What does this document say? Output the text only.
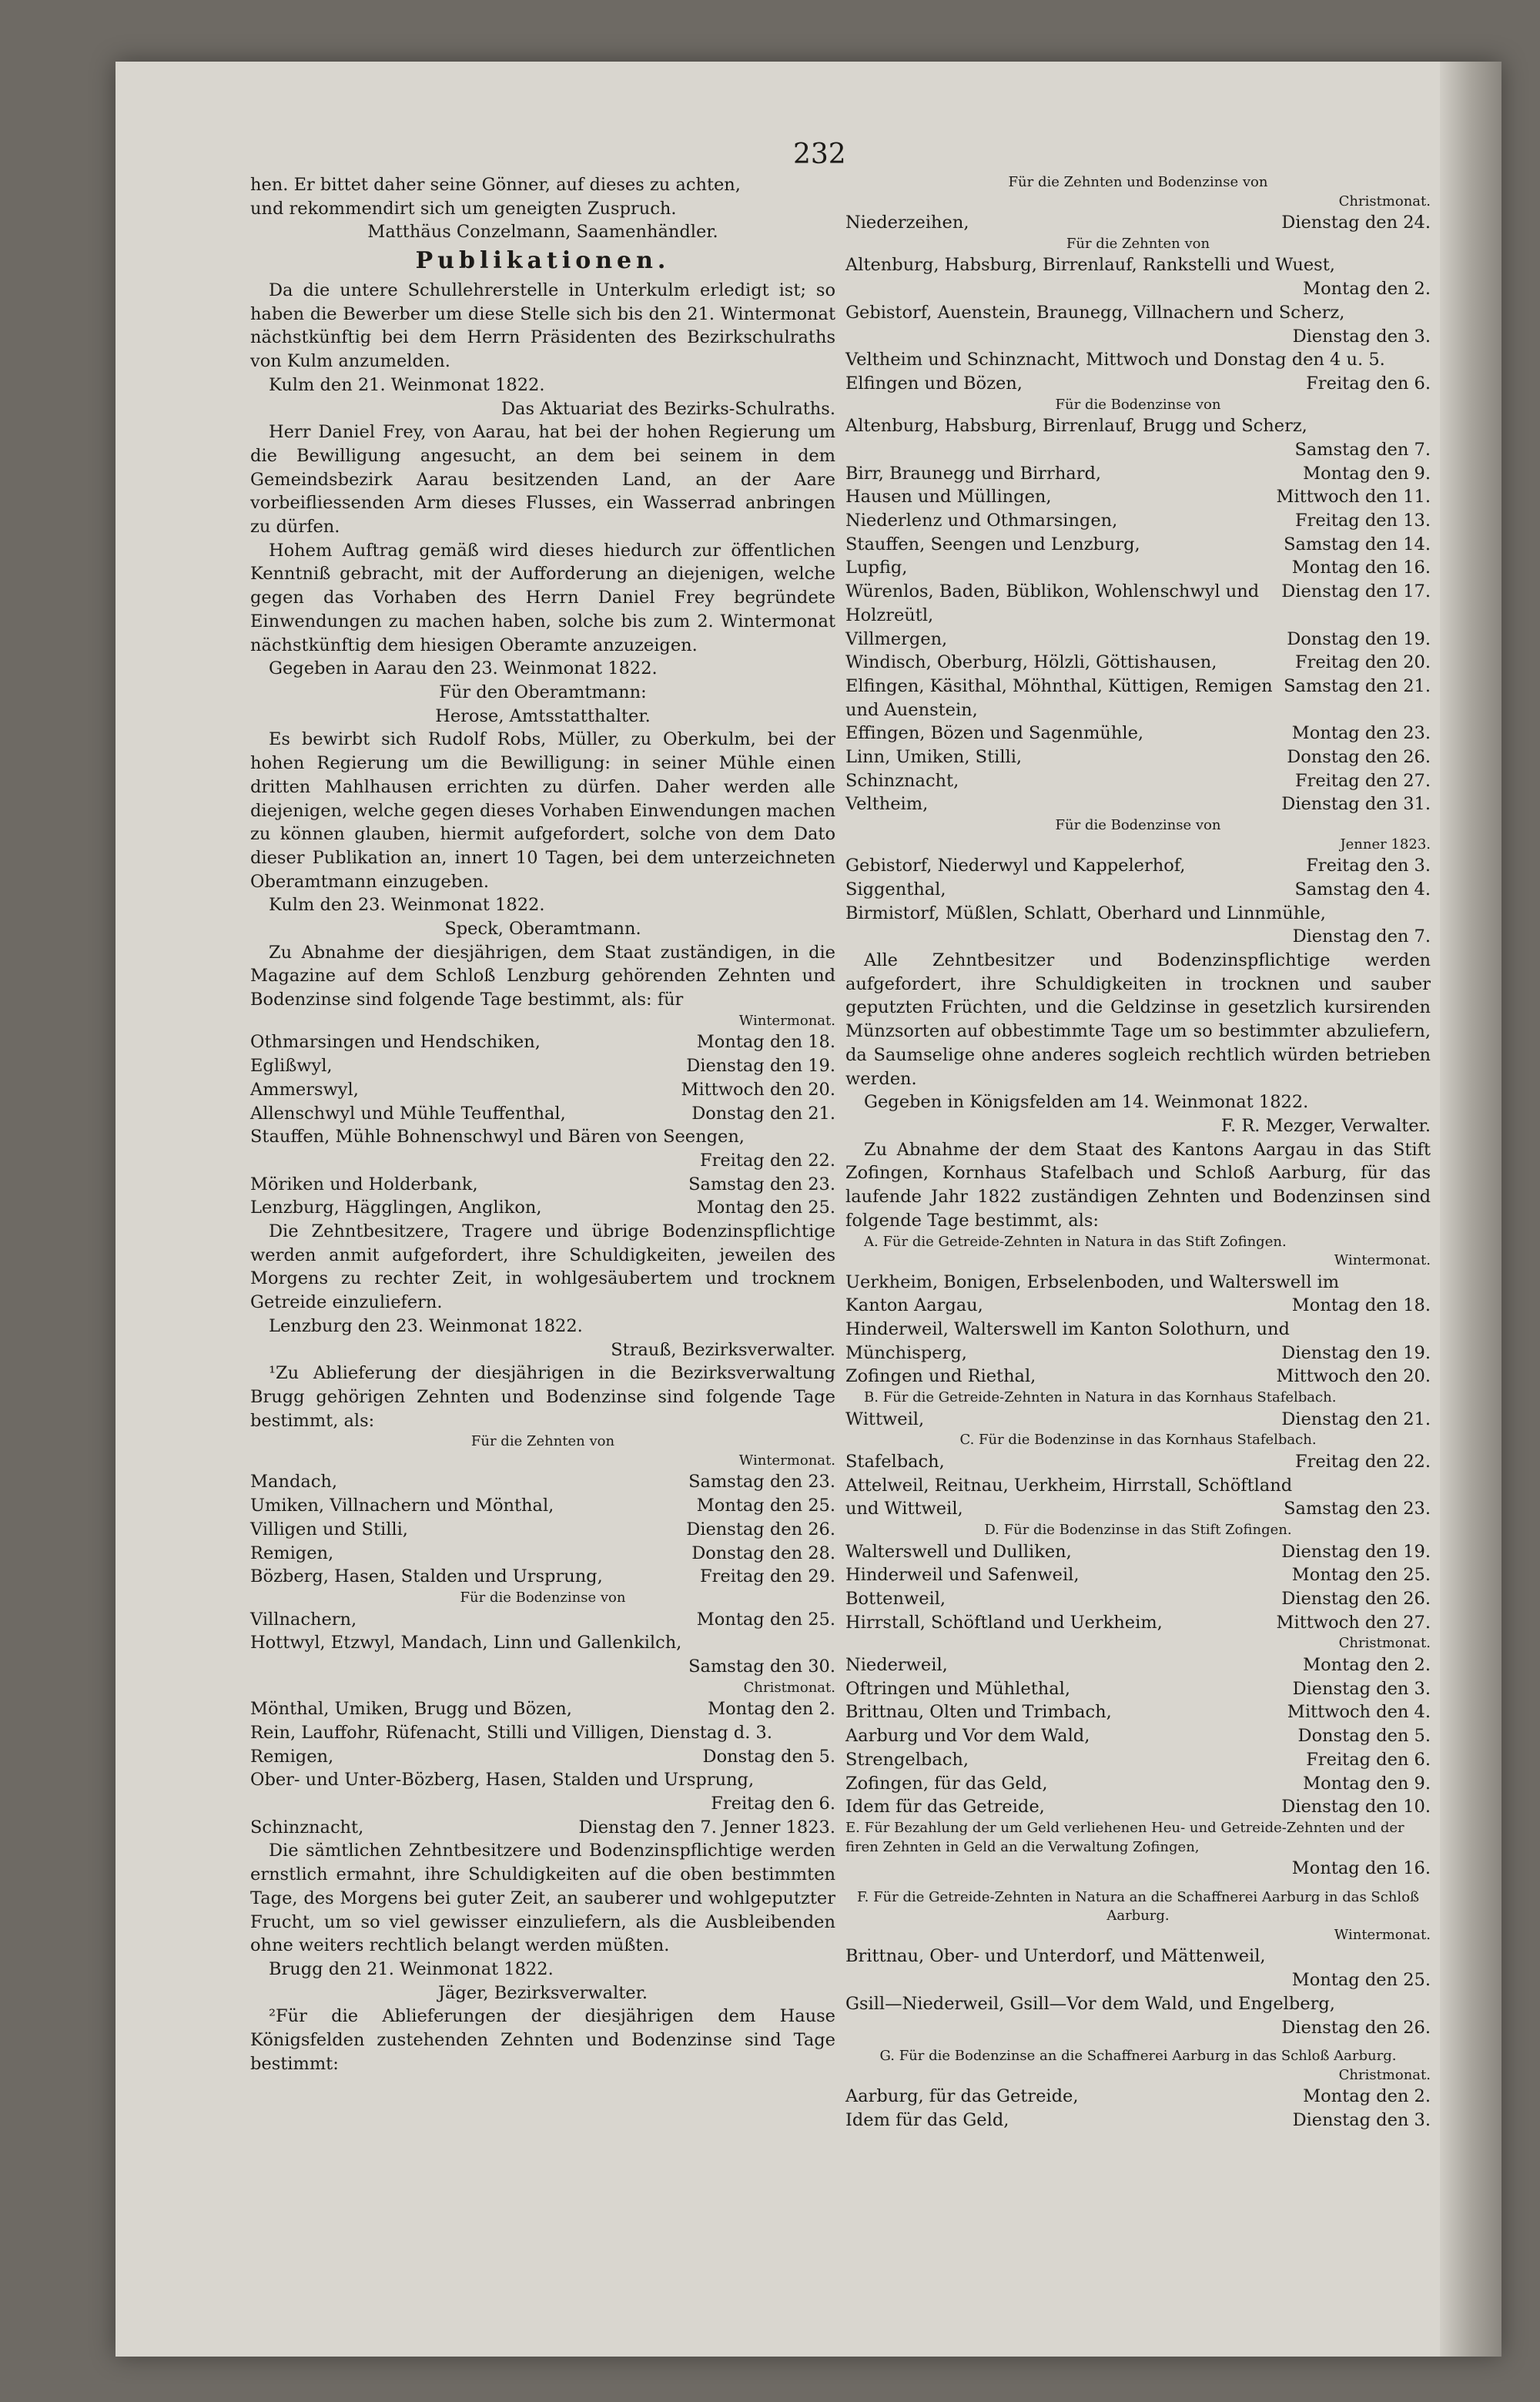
232

hen. Er bittet daher seine Gönner, auf dieses zu achten,

und rekommendirt sich um geneigten Zuspruch.

Matthäus Conzelmann, Saamenhändler.

Publikationen.

Da die untere Schullehrerstelle in Unterkulm erledigt ist; so haben die Bewerber um diese Stelle sich bis den 21. Wintermonat nächstkünftig bei dem Herrn Präsidenten des Bezirkschulraths von Kulm anzumelden.

Kulm den 21. Weinmonat 1822.

Das Aktuariat des Bezirks-Schulraths.

Herr Daniel Frey, von Aarau, hat bei der hohen Regierung um die Bewilligung angesucht, an dem bei seinem in dem Gemeindsbezirk Aarau besitzenden Land, an der Aare vorbeifliessenden Arm dieses Flusses, ein Wasserrad anbringen zu dürfen.

Hohem Auftrag gemäß wird dieses hiedurch zur öffentlichen Kenntniß gebracht, mit der Aufforderung an diejenigen, welche gegen das Vorhaben des Herrn Daniel Frey begründete Einwendungen zu machen haben, solche bis zum 2. Wintermonat nächstkünftig dem hiesigen Oberamte anzuzeigen.

Gegeben in Aarau den 23. Weinmonat 1822.

Für den Oberamtmann:

Herose, Amtsstatthalter.

Es bewirbt sich Rudolf Robs, Müller, zu Oberkulm, bei der hohen Regierung um die Bewilligung: in seiner Mühle einen dritten Mahlhausen errichten zu dürfen. Daher werden alle diejenigen, welche gegen dieses Vorhaben Einwendungen machen zu können glauben, hiermit aufgefordert, solche von dem Dato dieser Publikation an, innert 10 Tagen, bei dem unterzeichneten Oberamtmann einzugeben.

Kulm den 23. Weinmonat 1822.

Speck, Oberamtmann.

Zu Abnahme der diesjährigen, dem Staat zuständigen, in die Magazine auf dem Schloß Lenzburg gehörenden Zehnten und Bodenzinse sind folgende Tage bestimmt, als: für

Wintermonat.

Othmarsingen und Hendschiken,	Montag den 18.
Eglißwyl,	Dienstag den 19.
Ammerswyl,	Mittwoch den 20.
Allenschwyl und Mühle Teuffenthal,	Donstag den 21.
Stauffen, Mühle Bohnenschwyl und Bären von Seengen,
Freitag den 22.
Möriken und Holderbank,	Samstag den 23.
Lenzburg, Hägglingen, Anglikon,	Montag den 25.

Die Zehntbesitzere, Tragere und übrige Bodenzinspflichtige werden anmit aufgefordert, ihre Schuldigkeiten, jeweilen des Morgens zu rechter Zeit, in wohlgesäubertem und trocknem Getreide einzuliefern.

Lenzburg den 23. Weinmonat 1822.

Strauß, Bezirksverwalter.

¹Zu Ablieferung der diesjährigen in die Bezirksverwaltung Brugg gehörigen Zehnten und Bodenzinse sind folgende Tage bestimmt, als:

Für die Zehnten von

Wintermonat.

Mandach,	Samstag den 23.
Umiken, Villnachern und Mönthal,	Montag den 25.
Villigen und Stilli,	Dienstag den 26.
Remigen,	Donstag den 28.
Bözberg, Hasen, Stalden und Ursprung,	Freitag den 29.

Für die Bodenzinse von

Villnachern,	Montag den 25.
Hottwyl, Etzwyl, Mandach, Linn und Gallenkilch,
Samstag den 30.

Christmonat.

Mönthal, Umiken, Brugg und Bözen,	Montag den 2.
Rein, Lauffohr, Rüfenacht, Stilli und Villigen, Dienstag d. 3.
Remigen,	Donstag den 5.
Ober- und Unter-Bözberg, Hasen, Stalden und Ursprung,
Freitag den 6.
Schinznacht,	Dienstag den 7. Jenner 1823.

Die sämtlichen Zehntbesitzere und Bodenzinspflichtige werden ernstlich ermahnt, ihre Schuldigkeiten auf die oben bestimmten Tage, des Morgens bei guter Zeit, an sauberer und wohlgeputzter Frucht, um so viel gewisser einzuliefern, als die Ausbleibenden ohne weiters rechtlich belangt werden müßten.

Brugg den 21. Weinmonat 1822.

Jäger, Bezirksverwalter.

²Für die Ablieferungen der diesjährigen dem Hause Königsfelden zustehenden Zehnten und Bodenzinse sind Tage bestimmt:

Für die Zehnten und Bodenzinse von

Christmonat.

Niederzeihen,	Dienstag den 24.

Für die Zehnten von

Altenburg, Habsburg, Birrenlauf, Rankstelli und Wuest,
Montag den 2.
Gebistorf, Auenstein, Braunegg, Villnachern und Scherz,
Dienstag den 3.
Veltheim und Schinznacht, Mittwoch und Donstag den 4 u. 5.
Elfingen und Bözen,	Freitag den 6.

Für die Bodenzinse von

Altenburg, Habsburg, Birrenlauf, Brugg und Scherz,
Samstag den 7.
Birr, Braunegg und Birrhard,	Montag den 9.
Hausen und Müllingen,	Mittwoch den 11.
Niederlenz und Othmarsingen,	Freitag den 13.
Stauffen, Seengen und Lenzburg,	Samstag den 14.
Lupfig,	Montag den 16.
Würenlos, Baden, Büblikon, Wohlenschwyl und Holzreütl,
Dienstag den 17.
Villmergen,	Donstag den 19.
Windisch, Oberburg, Hölzli, Göttishausen,	Freitag den 20.
Elfingen, Käsithal, Möhnthal, Küttigen, Remigen und Auenstein,
Samstag den 21.
Effingen, Bözen und Sagenmühle,	Montag den 23.
Linn, Umiken, Stilli,	Donstag den 26.
Schinznacht,	Freitag den 27.
Veltheim,	Dienstag den 31.

Für die Bodenzinse von

Jenner 1823.

Gebistorf, Niederwyl und Kappelerhof,	Freitag den 3.
Siggenthal,	Samstag den 4.
Birmistorf, Müßlen, Schlatt, Oberhard und Linnmühle,
Dienstag den 7.

Alle Zehntbesitzer und Bodenzinspflichtige werden aufgefordert, ihre Schuldigkeiten in trocknen und sauber geputzten Früchten, und die Geldzinse in gesetzlich kursirenden Münzsorten auf obbestimmte Tage um so bestimmter abzuliefern, da Saumselige ohne anderes sogleich rechtlich würden betrieben werden.

Gegeben in Königsfelden am 14. Weinmonat 1822.

F. R. Mezger, Verwalter.

Zu Abnahme der dem Staat des Kantons Aargau in das Stift Zofingen, Kornhaus Stafelbach und Schloß Aarburg, für das laufende Jahr 1822 zuständigen Zehnten und Bodenzinsen sind folgende Tage bestimmt, als:

A. Für die Getreide-Zehnten in Natura in das Stift Zofingen.

Wintermonat.

Uerkheim, Bonigen, Erbselenboden, und Walterswell im
Kanton Aargau,	Montag den 18.
Hinderweil, Walterswell im Kanton Solothurn, und
Münchisperg,	Dienstag den 19.
Zofingen und Riethal,	Mittwoch den 20.

B. Für die Getreide-Zehnten in Natura in das Kornhaus Stafelbach.

Wittweil,	Dienstag den 21.

C. Für die Bodenzinse in das Kornhaus Stafelbach.

Stafelbach,	Freitag den 22.
Attelweil, Reitnau, Uerkheim, Hirrstall, Schöftland
und Wittweil,	Samstag den 23.

D. Für die Bodenzinse in das Stift Zofingen.

Walterswell und Dulliken,	Dienstag den 19.
Hinderweil und Safenweil,	Montag den 25.
Bottenweil,	Dienstag den 26.
Hirrstall, Schöftland und Uerkheim,	Mittwoch den 27.

Christmonat.

Niederweil,	Montag den 2.
Oftringen und Mühlethal,	Dienstag den 3.
Brittnau, Olten und Trimbach,	Mittwoch den 4.
Aarburg und Vor dem Wald,	Donstag den 5.
Strengelbach,	Freitag den 6.
Zofingen, für das Geld,	Montag den 9.
Idem für das Getreide,	Dienstag den 10.

E. Für Bezahlung der um Geld verliehenen Heu- und Getreide-Zehnten und der firen Zehnten in Geld an die Verwaltung Zofingen,

Montag den 16.

F. Für die Getreide-Zehnten in Natura an die Schaffnerei Aarburg in das Schloß Aarburg.

Wintermonat.

Brittnau, Ober- und Unterdorf, und Mättenweil,
Montag den 25.
Gsill—Niederweil, Gsill—Vor dem Wald, und Engelberg,
Dienstag den 26.

G. Für die Bodenzinse an die Schaffnerei Aarburg in das Schloß Aarburg.

Christmonat.

Aarburg, für das Getreide,	Montag den 2.
Idem für das Geld,	Dienstag den 3.
